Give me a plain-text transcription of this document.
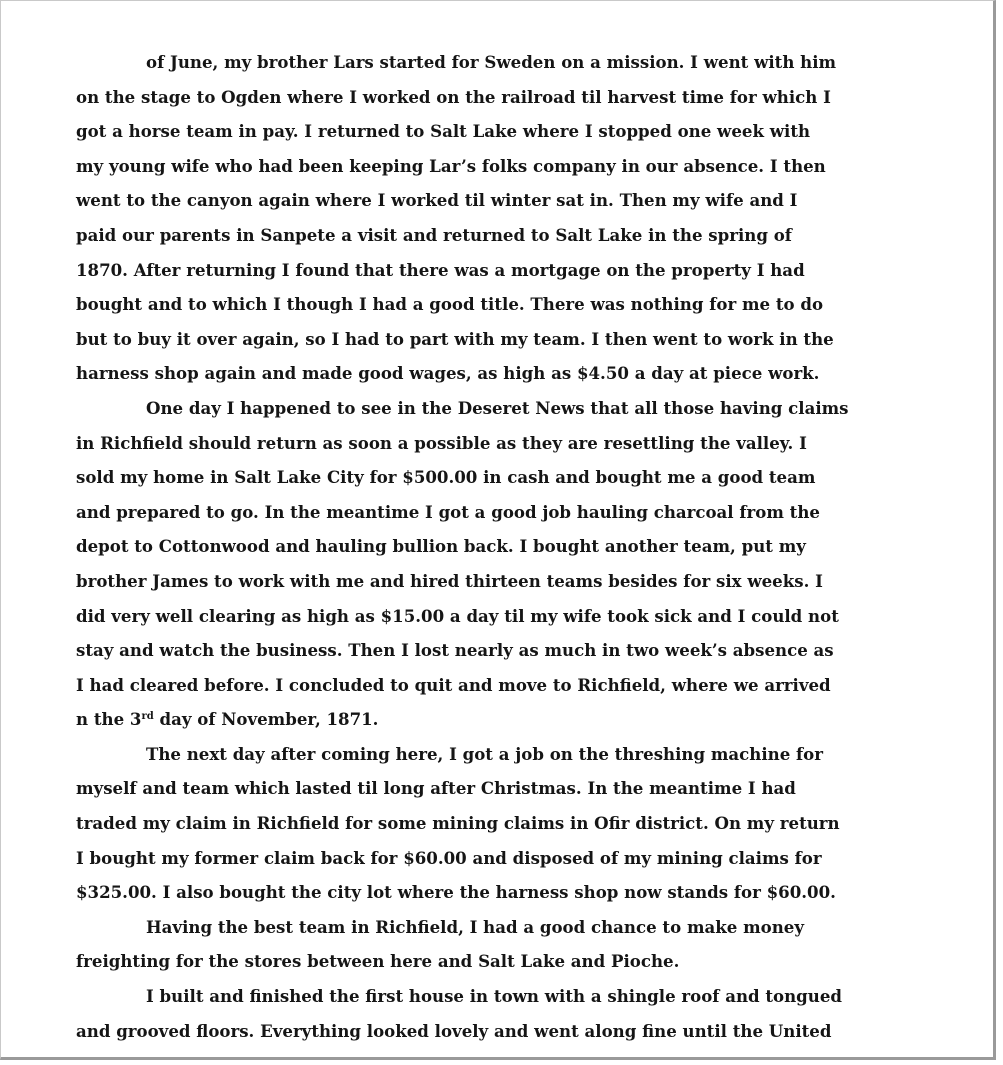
of June, my brother Lars started for Sweden on a mission. I went with him
on the stage to Ogden where I worked on the railroad til harvest time for which I
got a horse team in pay. I returned to Salt Lake where I stopped one week with
my young wife who had been keeping Lar’s folks company in our absence. I then
went to the canyon again where I worked til winter sat in. Then my wife and I
paid our parents in Sanpete a visit and returned to Salt Lake in the spring of
1870. After returning I found that there was a mortgage on the property I had
bought and to which I though I had a good title. There was nothing for me to do
but to buy it over again, so I had to part with my team. I then went to work in the
harness shop again and made good wages, as high as $4.50 a day at piece work.
One day I happened to see in the Deseret News that all those having claims
in Richfield should return as soon a possible as they are resettling the valley. I
sold my home in Salt Lake City for $500.00 in cash and bought me a good team
and prepared to go. In the meantime I got a good job hauling charcoal from the
depot to Cottonwood and hauling bullion back. I bought another team, put my
brother James to work with me and hired thirteen teams besides for six weeks. I
did very well clearing as high as $15.00 a day til my wife took sick and I could not
stay and watch the business. Then I lost nearly as much in two week’s absence as
I had cleared before. I concluded to quit and move to Richfield, where we arrived
n the 3rd day of November, 1871.
The next day after coming here, I got a job on the threshing machine for
myself and team which lasted til long after Christmas. In the meantime I had
traded my claim in Richfield for some mining claims in Ofir district. On my return
I bought my former claim back for $60.00 and disposed of my mining claims for
$325.00. I also bought the city lot where the harness shop now stands for $60.00.
Having the best team in Richfield, I had a good chance to make money
freighting for the stores between here and Salt Lake and Pioche.
I built and finished the first house in town with a shingle roof and tongued
and grooved floors. Everything looked lovely and went along fine until the United
